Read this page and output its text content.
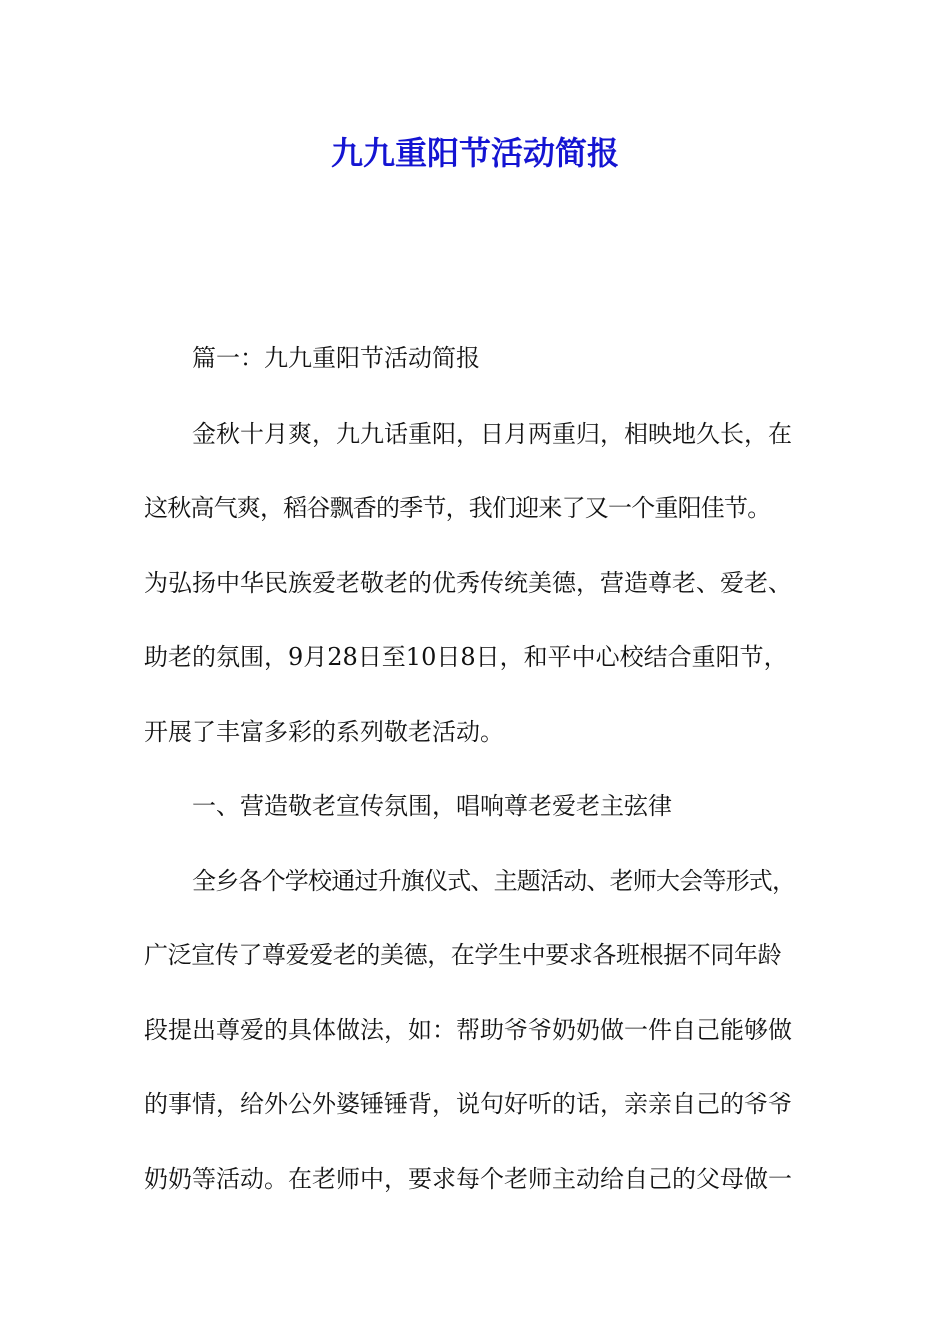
九九重阳节活动简报

篇一：九九重阳节活动简报

金秋十月爽，九九话重阳，日月两重归，相映地久长，在

这秋高气爽，稻谷飘香的季节，我们迎来了又一个重阳佳节。

为弘扬中华民族爱老敬老的优秀传统美德，营造尊老、爱老、

助老的氛围，9月28日至10日8日，和平中心校结合重阳节，

开展了丰富多彩的系列敬老活动。

一、营造敬老宣传氛围，唱响尊老爱老主弦律

全乡各个学校通过升旗仪式、主题活动、老师大会等形式，

广泛宣传了尊爱爱老的美德，在学生中要求各班根据不同年龄

段提出尊爱的具体做法，如：帮助爷爷奶奶做一件自己能够做

的事情，给外公外婆锤锤背，说句好听的话，亲亲自己的爷爷

奶奶等活动。在老师中，要求每个老师主动给自己的父母做一
